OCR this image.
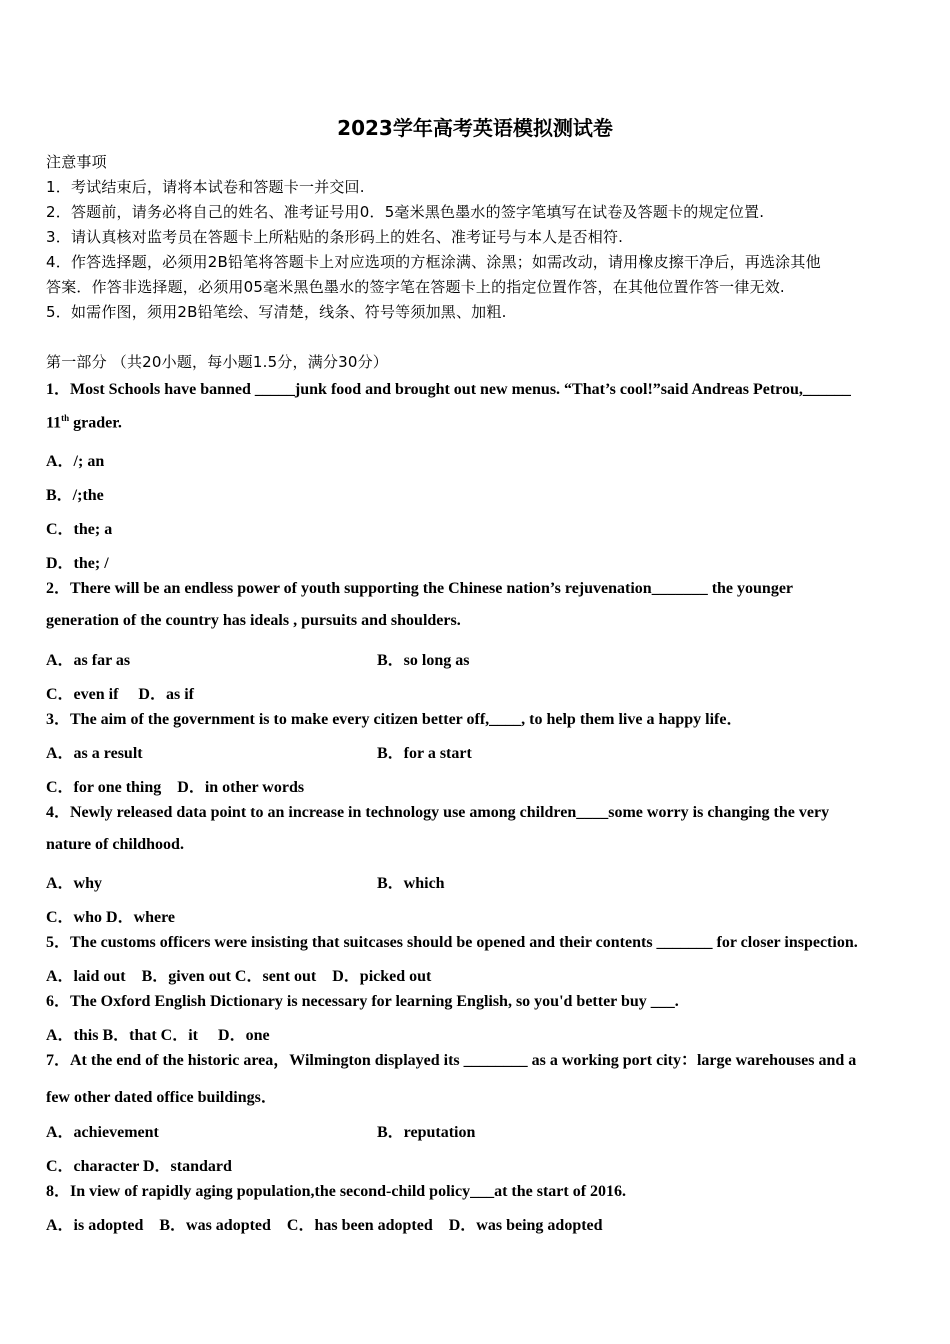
2023学年高考英语模拟测试卷
注意事项
1．考试结束后，请将本试卷和答题卡一并交回.
2．答题前，请务必将自己的姓名、准考证号用0．5毫米黑色墨水的签字笔填写在试卷及答题卡的规定位置.
3．请认真核对监考员在答题卡上所粘贴的条形码上的姓名、准考证号与本人是否相符.
4．作答选择题，必须用2B铅笔将答题卡上对应选项的方框涂满、涂黑；如需改动，请用橡皮擦干净后，再选涂其他
答案．作答非选择题，必须用05毫米黑色墨水的签字笔在答题卡上的指定位置作答，在其他位置作答一律无效.
5．如需作图，须用2B铅笔绘、写清楚，线条、符号等须加黑、加粗.
第一部分 （共20小题，每小题1.5分，满分30分）
1．Most Schools have banned _____junk food and brought out new menus. “That’s cool!”said Andreas Petrou,______
11th grader.
A．/; an
B．/;the
C．the; a
D．the; /
2．There will be an endless power of youth supporting the Chinese nation’s rejuvenation_______ the younger
generation of the country has ideals , pursuits and shoulders.
A．as far as	B．so long as
C．even if　 D．as if
3．The aim of the government is to make every citizen better off,____, to help them live a happy life．
A．as a result	B．for a start
C．for one thing　D．in other words
4．Newly released data point to an increase in technology use among children____some worry is changing the very
nature of childhood.
A．why	B．which
C．who D．where
5．The customs officers were insisting that suitcases should be opened and their contents _______ for closer inspection.
A．laid out　B．given out C．sent out　D．picked out
6．The Oxford English Dictionary is necessary for learning English, so you'd better buy ___.
A．this B．that C．it　 D．one
7．At the end of the historic area，Wilmington displayed its ________ as a working port city：large warehouses and a
few other dated office buildings．
A．achievement	B．reputation
C．character D．standard
8．In view of rapidly aging population,the second-child policy___at the start of 2016.
A．is adopted　B．was adopted　C．has been adopted　D．was being adopted
